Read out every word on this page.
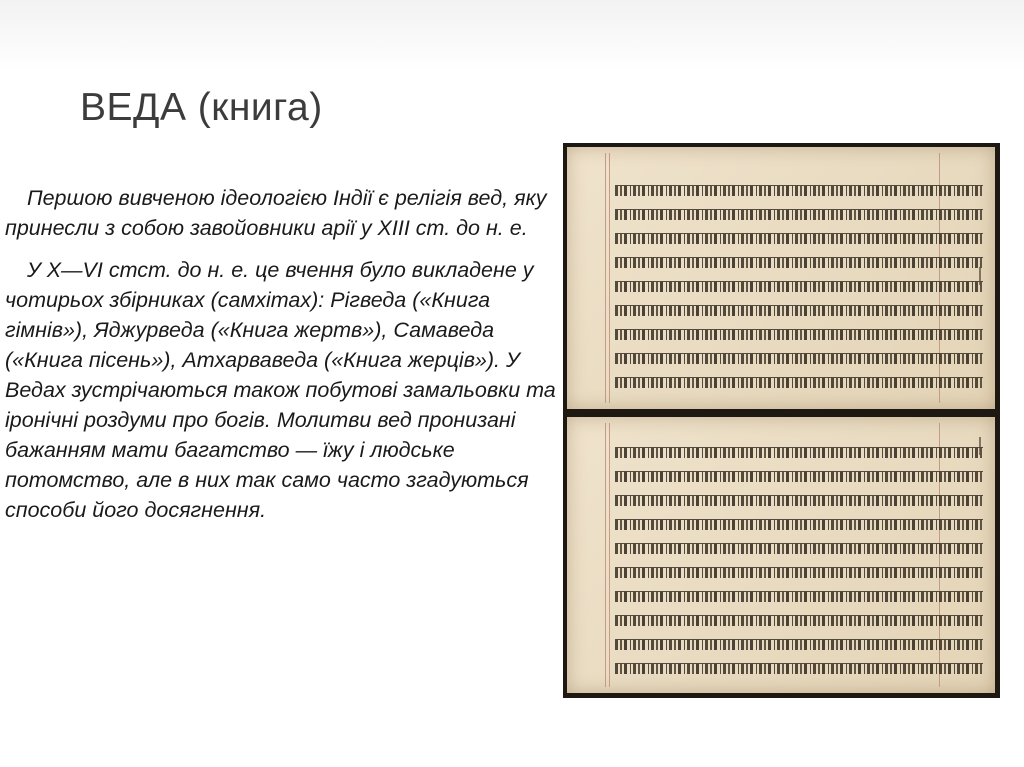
ВЕДА (книга)

Першою вивченою ідеологією Індії є релігія вед, яку принесли з собою завойовники арії у XIII ст. до н. е.

У X—VI стст. до н. е. це вчення було викладене у чотирьох збірниках (самхітах): Рігведа («Книга гімнів»), Яджурведа («Книга жертв»), Самаведа («Книга пісень»), Атхарваведа («Книга жерців»). У Ведах зустрічаються також побутові замальовки та іронічні роздуми про богів. Молитви вед пронизані бажанням мати багатство — їжу і людське потомство, але в них так само часто згадуються способи його досягнення.
